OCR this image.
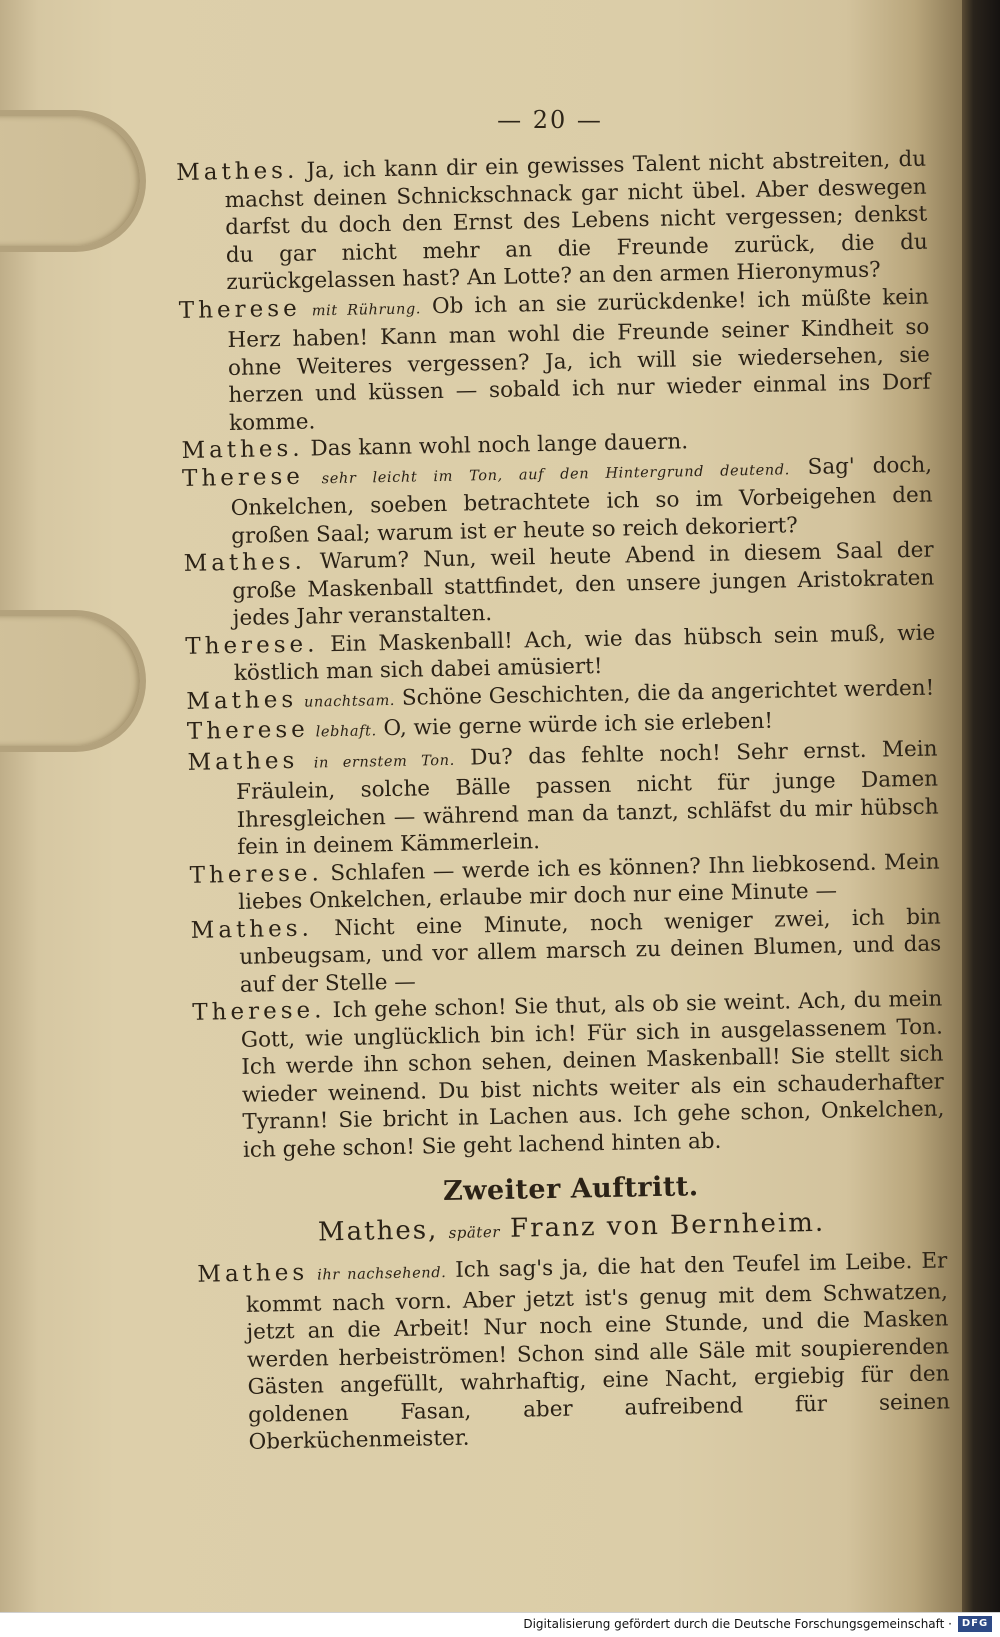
— 20 —

Mathes. Ja, ich kann dir ein gewisses Talent nicht abstreiten, du machst deinen Schnickschnack gar nicht übel. Aber deswegen darfst du doch den Ernst des Lebens nicht vergessen; denkst du gar nicht mehr an die Freunde zurück, die du zurückgelassen hast? An Lotte? an den armen Hieronymus?

Therese mit Rührung. Ob ich an sie zurückdenke! ich müßte kein Herz haben! Kann man wohl die Freunde seiner Kindheit so ohne Weiteres vergessen? Ja, ich will sie wiedersehen, sie herzen und küssen — sobald ich nur wieder einmal ins Dorf komme.

Mathes. Das kann wohl noch lange dauern.

Therese sehr leicht im Ton, auf den Hintergrund deutend. Sag' doch, Onkelchen, soeben betrachtete ich so im Vorbeigehen den großen Saal; warum ist er heute so reich dekoriert?

Mathes. Warum? Nun, weil heute Abend in diesem Saal der große Maskenball stattfindet, den unsere jungen Aristokraten jedes Jahr veranstalten.

Therese. Ein Maskenball! Ach, wie das hübsch sein muß, wie köstlich man sich dabei amüsiert!

Mathes unachtsam. Schöne Geschichten, die da angerichtet werden!

Therese lebhaft. O, wie gerne würde ich sie erleben!

Mathes in ernstem Ton. Du? das fehlte noch! Sehr ernst. Mein Fräulein, solche Bälle passen nicht für junge Damen Ihresgleichen — während man da tanzt, schläfst du mir hübsch fein in deinem Kämmerlein.

Therese. Schlafen — werde ich es können? Ihn liebkosend. Mein liebes Onkelchen, erlaube mir doch nur eine Minute —

Mathes. Nicht eine Minute, noch weniger zwei, ich bin unbeugsam, und vor allem marsch zu deinen Blumen, und das auf der Stelle —

Therese. Ich gehe schon! Sie thut, als ob sie weint. Ach, du mein Gott, wie unglücklich bin ich! Für sich in ausgelassenem Ton. Ich werde ihn schon sehen, deinen Maskenball! Sie stellt sich wieder weinend. Du bist nichts weiter als ein schauderhafter Tyrann! Sie bricht in Lachen aus. Ich gehe schon, Onkelchen, ich gehe schon! Sie geht lachend hinten ab.

Zweiter Auftritt.
Mathes, später Franz von Bernheim.

Mathes ihr nachsehend. Ich sag's ja, die hat den Teufel im Leibe. Er kommt nach vorn. Aber jetzt ist's genug mit dem Schwatzen, jetzt an die Arbeit! Nur noch eine Stunde, und die Masken werden herbeiströmen! Schon sind alle Säle mit soupierenden Gästen angefüllt, wahrhaftig, eine Nacht, ergiebig für den goldenen Fasan, aber aufreibend für seinen Oberküchenmeister.

Digitalisierung gefördert durch die Deutsche Forschungsgemeinschaft · DFG
